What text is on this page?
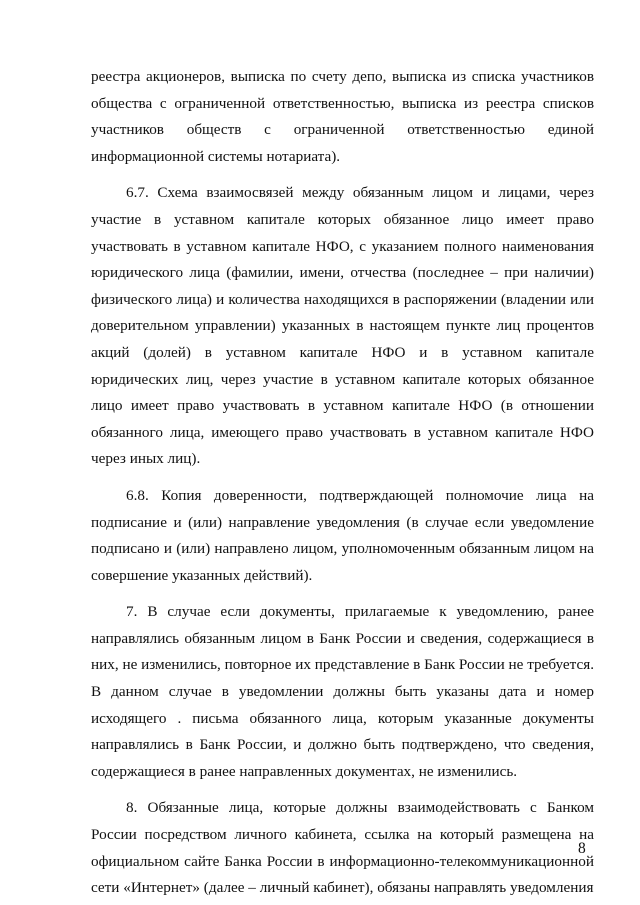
реестра акционеров, выписка по счету депо, выписка из списка участников общества с ограниченной ответственностью, выписка из реестра списков участников обществ с ограниченной ответственностью единой информационной системы нотариата).

6.7. Схема взаимосвязей между обязанным лицом и лицами, через участие в уставном капитале которых обязанное лицо имеет право участвовать в уставном капитале НФО, с указанием полного наименования юридического лица (фамилии, имени, отчества (последнее – при наличии) физического лица) и количества находящихся в распоряжении (владении или доверительном управлении) указанных в настоящем пункте лиц процентов акций (долей) в уставном капитале НФО и в уставном капитале юридических лиц, через участие в уставном капитале которых обязанное лицо имеет право участвовать в уставном капитале НФО (в отношении обязанного лица, имеющего право участвовать в уставном капитале НФО через иных лиц).

6.8. Копия доверенности, подтверждающей полномочие лица на подписание и (или) направление уведомления (в случае если уведомление подписано и (или) направлено лицом, уполномоченным обязанным лицом на совершение указанных действий).

7. В случае если документы, прилагаемые к уведомлению, ранее направлялись обязанным лицом в Банк России и сведения, содержащиеся в них, не изменились, повторное их представление в Банк России не требуется. В данном случае в уведомлении должны быть указаны дата и номер исходящего . письма обязанного лица, которым указанные документы направлялись в Банк России, и должно быть подтверждено, что сведения, содержащиеся в ранее направленных документах, не изменились.

8. Обязанные лица, которые должны взаимодействовать с Банком России посредством личного кабинета, ссылка на который размещена на официальном сайте Банка России в информационно-телекоммуникационной сети «Интернет» (далее – личный кабинет), обязаны направлять уведомления

8
